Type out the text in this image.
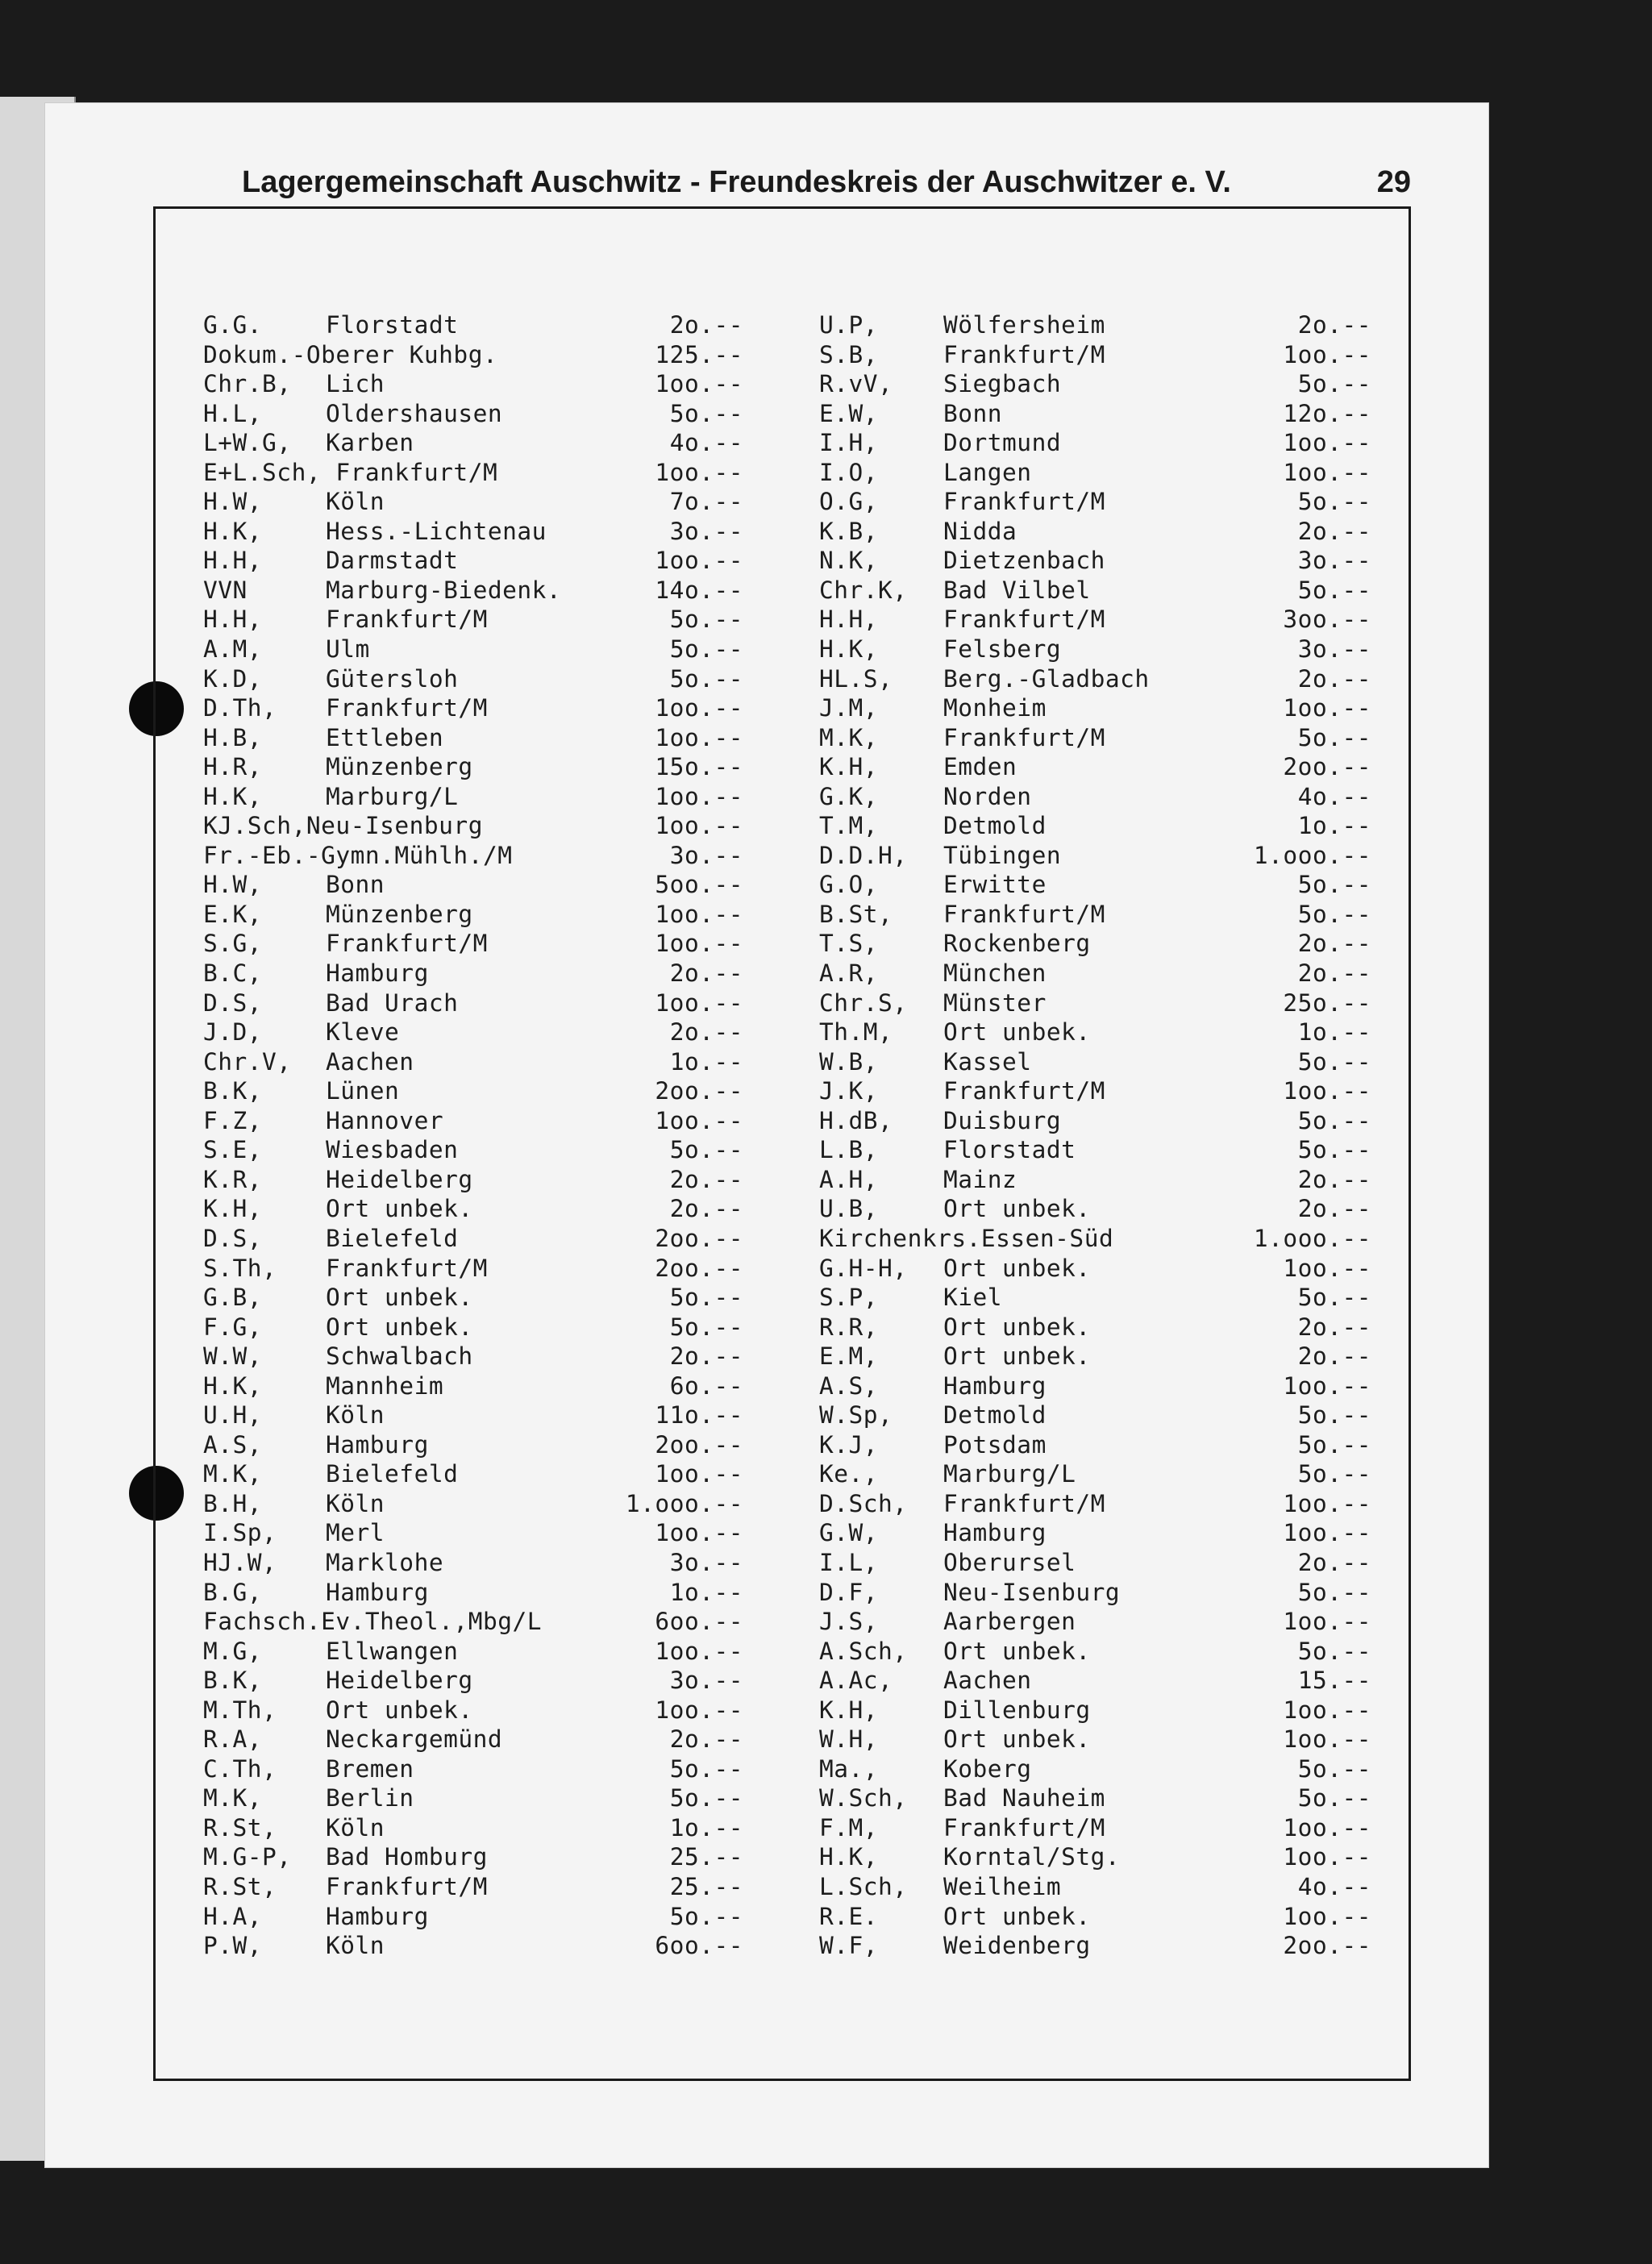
Lagergemeinschaft Auschwitz - Freundeskreis der Auschwitzer e. V.	29
G.G.	Florstadt	2o.--
Dokum.-Oberer Kuhbg.	125.--
Chr.B, Lich	1oo.--
H.L,	Oldershausen	5o.--
L+W.G, Karben	4o.--
E+L.Sch, Frankfurt/M	1oo.--
H.W,	Köln	7o.--
H.K,	Hess.-Lichtenau	3o.--
H.H,	Darmstadt	1oo.--
VVN	Marburg-Biedenk.	14o.--
H.H,	Frankfurt/M	5o.--
A.M,	Ulm	5o.--
K.D,	Gütersloh	5o.--
D.Th, Frankfurt/M	1oo.--
H.B,	Ettleben	1oo.--
H.R,	Münzenberg	15o.--
H.K,	Marburg/L	1oo.--
KJ.Sch,Neu-Isenburg	1oo.--
Fr.-Eb.-Gymn.Mühlh./M	3o.--
H.W,	Bonn	5oo.--
E.K,	Münzenberg	1oo.--
S.G,	Frankfurt/M	1oo.--
B.C,	Hamburg	2o.--
D.S,	Bad Urach	1oo.--
J.D,	Kleve	2o.--
Chr.V, Aachen	1o.--
B.K,	Lünen	2oo.--
F.Z,	Hannover	1oo.--
S.E,	Wiesbaden	5o.--
K.R,	Heidelberg	2o.--
K.H,	Ort unbek.	2o.--
D.S,	Bielefeld	2oo.--
S.Th, Frankfurt/M	2oo.--
G.B,	Ort unbek.	5o.--
F.G,	Ort unbek.	5o.--
W.W,	Schwalbach	2o.--
H.K,	Mannheim	6o.--
U.H,	Köln	11o.--
A.S,	Hamburg	2oo.--
M.K,	Bielefeld	1oo.--
B.H,	Köln	1.ooo.--
I.Sp, Merl	1oo.--
HJ.W, Marklohe	3o.--
B.G,	Hamburg	1o.--
Fachsch.Ev.Theol.,Mbg/L	6oo.--
M.G,	Ellwangen	1oo.--
B.K,	Heidelberg	3o.--
M.Th, Ort unbek.	1oo.--
R.A,	Neckargemünd	2o.--
C.Th, Bremen	5o.--
M.K,	Berlin	5o.--
R.St, Köln	1o.--
M.G-P, Bad Homburg	25.--
R.St, Frankfurt/M	25.--
H.A,	Hamburg	5o.--
P.W,	Köln	6oo.--
U.P,	Wölfersheim	2o.--
S.B,	Frankfurt/M	1oo.--
R.vV, Siegbach	5o.--
E.W,	Bonn	12o.--
I.H,	Dortmund	1oo.--
I.O,	Langen	1oo.--
O.G,	Frankfurt/M	5o.--
K.B,	Nidda	2o.--
N.K,	Dietzenbach	3o.--
Chr.K, Bad Vilbel	5o.--
H.H,	Frankfurt/M	3oo.--
H.K,	Felsberg	3o.--
HL.S, Berg.-Gladbach	2o.--
J.M,	Monheim	1oo.--
M.K,	Frankfurt/M	5o.--
K.H,	Emden	2oo.--
G.K,	Norden	4o.--
T.M,	Detmold	1o.--
D.D.H, Tübingen	1.ooo.--
G.O,	Erwitte	5o.--
B.St, Frankfurt/M	5o.--
T.S,	Rockenberg	2o.--
A.R,	München	2o.--
Chr.S, Münster	25o.--
Th.M, Ort unbek.	1o.--
W.B,	Kassel	5o.--
J.K,	Frankfurt/M	1oo.--
H.dB, Duisburg	5o.--
L.B,	Florstadt	5o.--
A.H,	Mainz	2o.--
U.B,	Ort unbek.	2o.--
Kirchenkrs.Essen-Süd	1.ooo.--
G.H-H, Ort unbek.	1oo.--
S.P,	Kiel	5o.--
R.R,	Ort unbek.	2o.--
E.M,	Ort unbek.	2o.--
A.S,	Hamburg	1oo.--
W.Sp, Detmold	5o.--
K.J,	Potsdam	5o.--
Ke.,	Marburg/L	5o.--
D.Sch, Frankfurt/M	1oo.--
G.W,	Hamburg	1oo.--
I.L,	Oberursel	2o.--
D.F,	Neu-Isenburg	5o.--
J.S,	Aarbergen	1oo.--
A.Sch, Ort unbek.	5o.--
A.Ac, Aachen	15.--
K.H,	Dillenburg	1oo.--
W.H,	Ort unbek.	1oo.--
Ma.,	Koberg	5o.--
W.Sch, Bad Nauheim	5o.--
F.M,	Frankfurt/M	1oo.--
H.K,	Korntal/Stg.	1oo.--
L.Sch, Weilheim	4o.--
R.E.	Ort unbek.	1oo.--
W.F,	Weidenberg	2oo.--
